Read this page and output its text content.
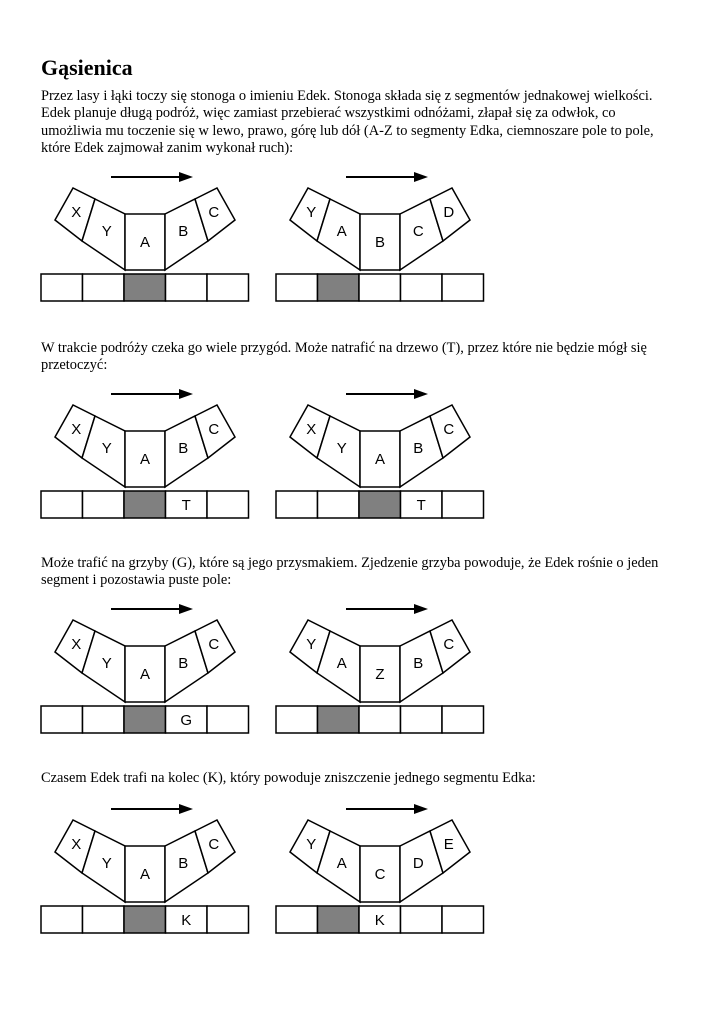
Gąsienica

Przez lasy i łąki toczy się stonoga o imieniu Edek. Stonoga składa się z segmentów jednakowej wielkości.
Edek planuje długą podróż, więc zamiast przebierać wszystkimi odnóżami, złapał się za odwłok, co
umożliwia mu toczenie się w lewo, prawo, górę lub dół (A-Z to segmenty Edka, ciemnoszare pole to pole,
które Edek zajmował zanim wykonał ruch):

X
Y
A
B
C	Y
A
B
C
D

W trakcie podróży czeka go wiele przygód. Może natrafić na drzewo (T), przez które nie będzie mógł się
przetoczyć:

X
Y
A
B
C
T
X
Y
A
B
C
T

Może trafić na grzyby (G), które są jego przysmakiem. Zjedzenie grzyba powoduje, że Edek rośnie o jeden
segment i pozostawia puste pole:

X
Y
A
B
C
G
Y
A
Z
B
C

Czasem Edek trafi na kolec (K), który powoduje zniszczenie jednego segmentu Edka:

X
Y
A
B
C
K
Y
A
C
D
E
K
